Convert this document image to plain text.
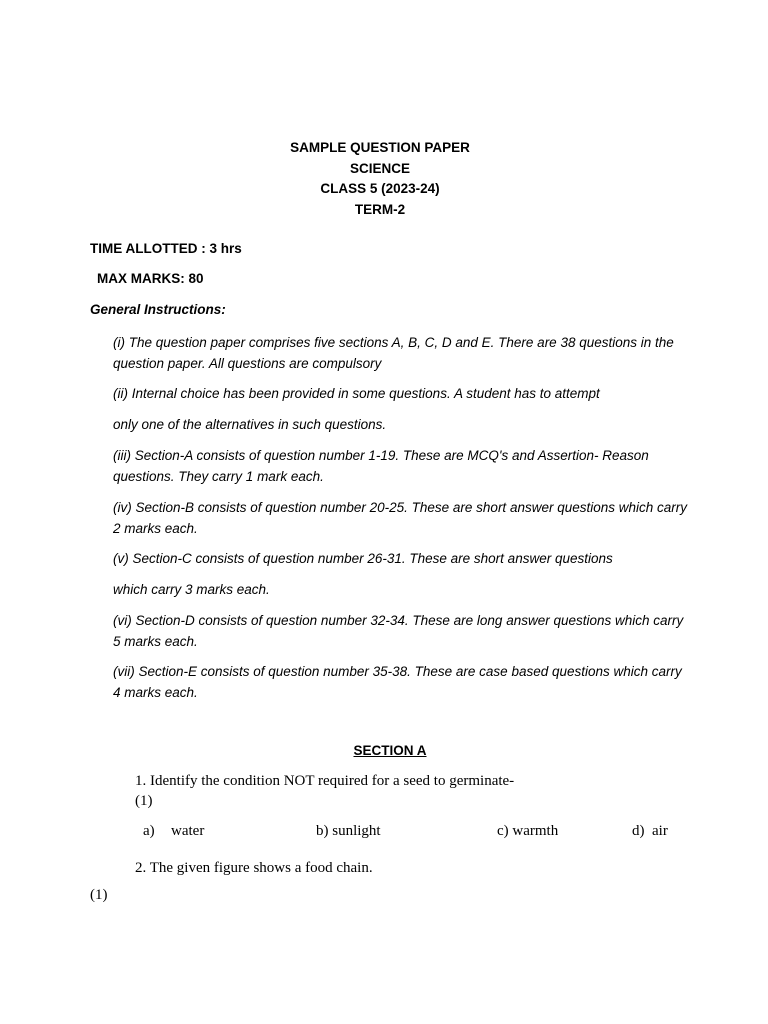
SAMPLE QUESTION PAPER
SCIENCE
CLASS 5 (2023-24)
TERM-2
TIME ALLOTTED : 3 hrs
MAX MARKS: 80
General Instructions:
(i) The question paper comprises five sections A, B, C, D and E. There are 38 questions in the question paper. All questions are compulsory
(ii) Internal choice has been provided in some questions. A student has to attempt
only one of the alternatives in such questions.
(iii) Section-A consists of question number 1-19. These are MCQ's and Assertion- Reason questions. They carry 1 mark each.
(iv) Section-B consists of question number 20-25. These are short answer questions which carry 2 marks each.
(v) Section-C consists of question number 26-31. These are short answer questions
which carry 3 marks each.
(vi) Section-D consists of question number 32-34. These are long answer questions which carry 5 marks each.
(vii) Section-E consists of question number 35-38. These are case based questions which carry 4 marks each.
SECTION A
1. Identify the condition NOT required for a seed to germinate-
(1)
a) water	b) sunlight	c) warmth	d) air
2. The given figure shows a food chain.
(1)
